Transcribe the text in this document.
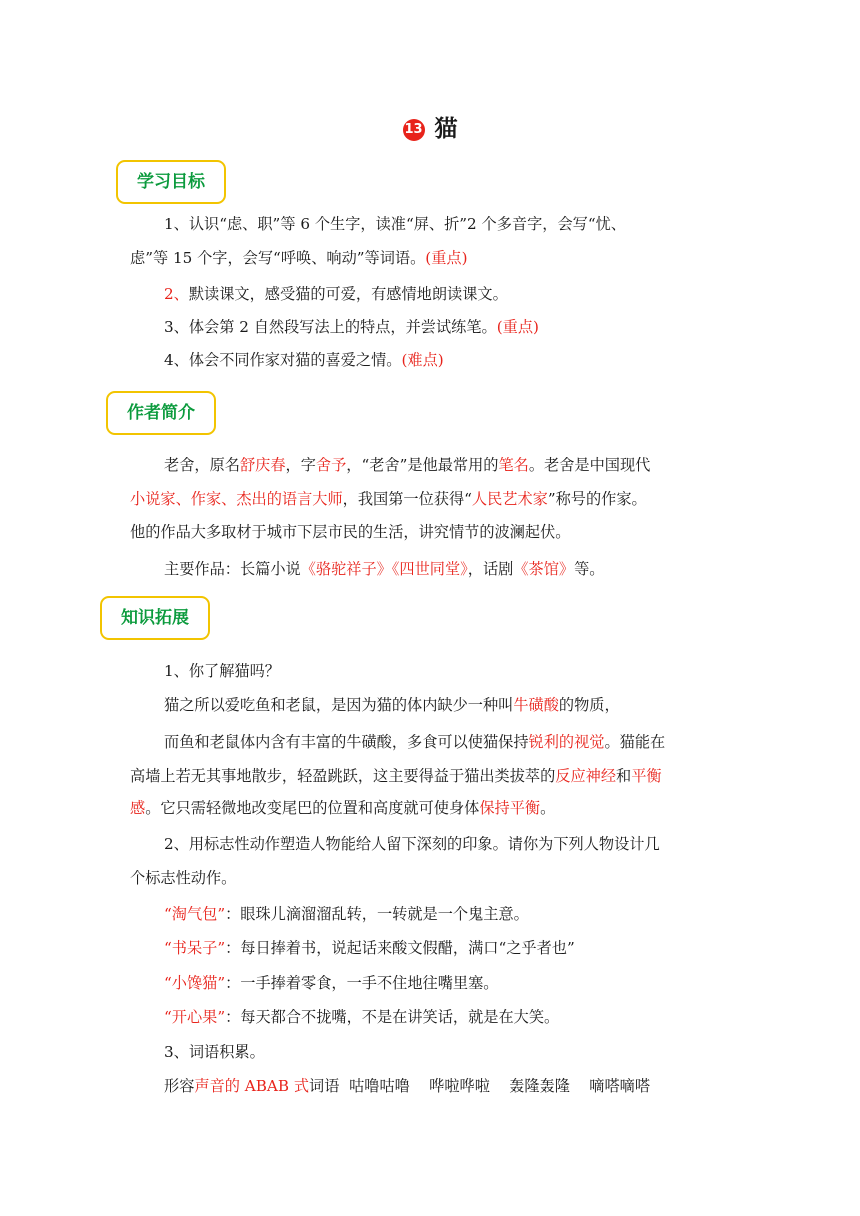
13 猫
学习目标
1、认识“虑、职”等 6 个生字，读准“屏、折”2 个多音字，会写“忧、
虑”等 15 个字，会写“呼唤、响动”等词语。(重点)
2、默读课文，感受猫的可爱，有感情地朗读课文。
3、体会第 2 自然段写法上的特点，并尝试练笔。(重点)
4、体会不同作家对猫的喜爱之情。(难点)
作者简介
老舍，原名舒庆春，字舍予，“老舍”是他最常用的笔名。老舍是中国现代
小说家、作家、杰出的语言大师，我国第一位获得“人民艺术家”称号的作家。
他的作品大多取材于城市下层市民的生活，讲究情节的波澜起伏。
主要作品：长篇小说《骆驼祥子》《四世同堂》，话剧《茶馆》等。
知识拓展
1、你了解猫吗？
猫之所以爱吃鱼和老鼠，是因为猫的体内缺少一种叫牛磺酸的物质，
而鱼和老鼠体内含有丰富的牛磺酸，多食可以使猫保持锐利的视觉。猫能在
高墙上若无其事地散步，轻盈跳跃，这主要得益于猫出类拔萃的反应神经和平衡
感。它只需轻微地改变尾巴的位置和高度就可使身体保持平衡。
2、用标志性动作塑造人物能给人留下深刻的印象。请你为下列人物设计几
个标志性动作。
“淘气包”：眼珠儿滴溜溜乱转，一转就是一个鬼主意。
“书呆子”：每日捧着书，说起话来酸文假醋，满口“之乎者也”
“小馋猫”：一手捧着零食，一手不住地往嘴里塞。
“开心果”：每天都合不拢嘴，不是在讲笑话，就是在大笑。
3、词语积累。
形容声音的 ABAB 式词语  咕噜咕噜    哗啦哗啦    轰隆轰隆    嘀嗒嘀嗒
